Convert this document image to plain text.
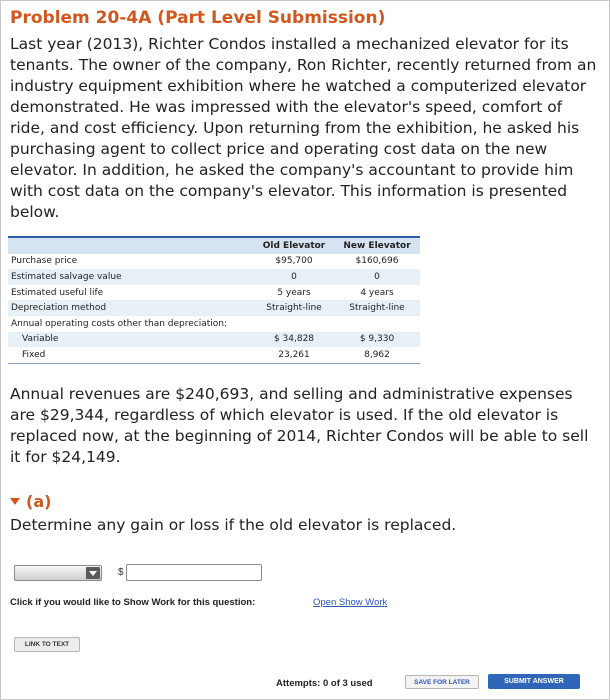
Problem 20-4A (Part Level Submission)
Last year (2013), Richter Condos installed a mechanized elevator for its tenants. The owner of the company, Ron Richter, recently returned from an industry equipment exhibition where he watched a computerized elevator demonstrated. He was impressed with the elevator's speed, comfort of ride, and cost efficiency. Upon returning from the exhibition, he asked his purchasing agent to collect price and operating cost data on the new elevator. In addition, he asked the company's accountant to provide him with cost data on the company's elevator. This information is presented below.
	Old Elevator	New Elevator
Purchase price	$95,700	$160,696
Estimated salvage value	0	0
Estimated useful life	5 years	4 years
Depreciation method	Straight-line	Straight-line
Annual operating costs other than depreciation:		
Variable	$ 34,828	$ 9,330
Fixed	23,261	8,962
Annual revenues are $240,693, and selling and administrative expenses are $29,344, regardless of which elevator is used. If the old elevator is replaced now, at the beginning of 2014, Richter Condos will be able to sell it for $24,149.
(a)
Determine any gain or loss if the old elevator is replaced.
$
Click if you would like to Show Work for this question:	Open Show Work
LINK TO TEXT
Attempts: 0 of 3 used	SAVE FOR LATER	SUBMIT ANSWER
